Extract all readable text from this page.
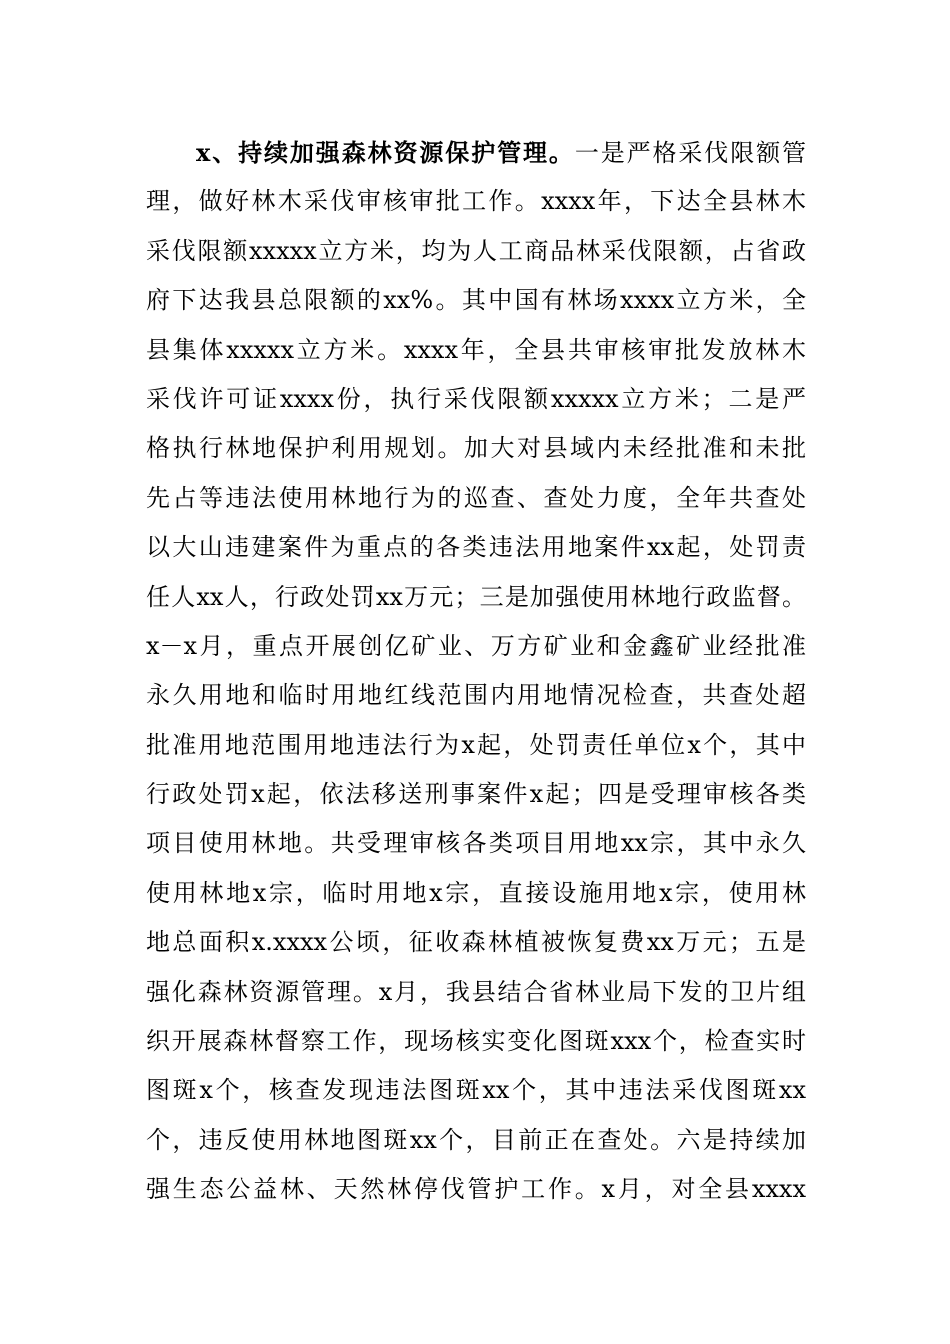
x、持续加强森林资源保护管理。一是严格采伐限额管
理，做好林木采伐审核审批工作。xxxx年，下达全县林木
采伐限额xxxxx立方米，均为人工商品林采伐限额，占省政
府下达我县总限额的xx%。其中国有林场xxxx立方米，全
县集体xxxxx立方米。xxxx年，全县共审核审批发放林木
采伐许可证xxxx份，执行采伐限额xxxxx立方米；二是严
格执行林地保护利用规划。加大对县域内未经批准和未批
先占等违法使用林地行为的巡查、查处力度，全年共查处
以大山违建案件为重点的各类违法用地案件xx起，处罚责
任人xx人，行政处罚xx万元；三是加强使用林地行政监督。
x－x月，重点开展创亿矿业、万方矿业和金鑫矿业经批准
永久用地和临时用地红线范围内用地情况检查，共查处超
批准用地范围用地违法行为x起，处罚责任单位x个，其中
行政处罚x起，依法移送刑事案件x起；四是受理审核各类
项目使用林地。共受理审核各类项目用地xx宗，其中永久
使用林地x宗，临时用地x宗，直接设施用地x宗，使用林
地总面积x.xxxx公顷，征收森林植被恢复费xx万元；五是
强化森林资源管理。x月，我县结合省林业局下发的卫片组
织开展森林督察工作，现场核实变化图斑xxx个，检查实时
图斑x个，核查发现违法图斑xx个，其中违法采伐图斑xx
个，违反使用林地图斑xx个，目前正在查处。六是持续加
强生态公益林、天然林停伐管护工作。x月，对全县xxxx
